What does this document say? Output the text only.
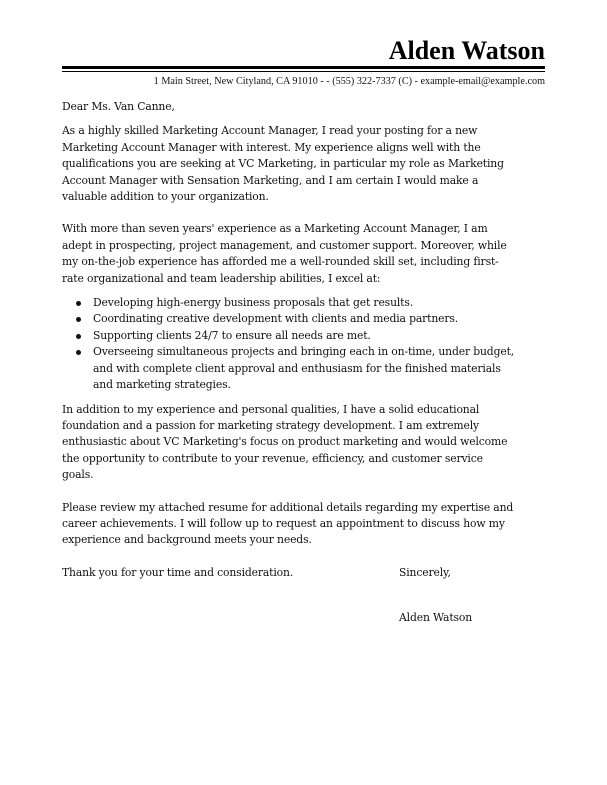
Alden Watson
1 Main Street, New Cityland, CA 91010 - - (555) 322-7337 (C) - example-email@example.com

Dear Ms. Van Canne,

As a highly skilled Marketing Account Manager, I read your posting for a new
Marketing Account Manager with interest. My experience aligns well with the
qualifications you are seeking at VC Marketing, in particular my role as Marketing
Account Manager with Sensation Marketing, and I am certain I would make a
valuable addition to your organization.

With more than seven years' experience as a Marketing Account Manager, I am
adept in prospecting, project management, and customer support. Moreover, while
my on-the-job experience has afforded me a well-rounded skill set, including first-
rate organizational and team leadership abilities, I excel at:

Developing high-energy business proposals that get results.
Coordinating creative development with clients and media partners.
Supporting clients 24/7 to ensure all needs are met.
Overseeing simultaneous projects and bringing each in on-time, under budget,
and with complete client approval and enthusiasm for the finished materials
and marketing strategies.

In addition to my experience and personal qualities, I have a solid educational
foundation and a passion for marketing strategy development. I am extremely
enthusiastic about VC Marketing's focus on product marketing and would welcome
the opportunity to contribute to your revenue, efficiency, and customer service
goals.

Please review my attached resume for additional details regarding my expertise and
career achievements. I will follow up to request an appointment to discuss how my
experience and background meets your needs.

Thank you for your time and consideration.	Sincerely,

Alden Watson
